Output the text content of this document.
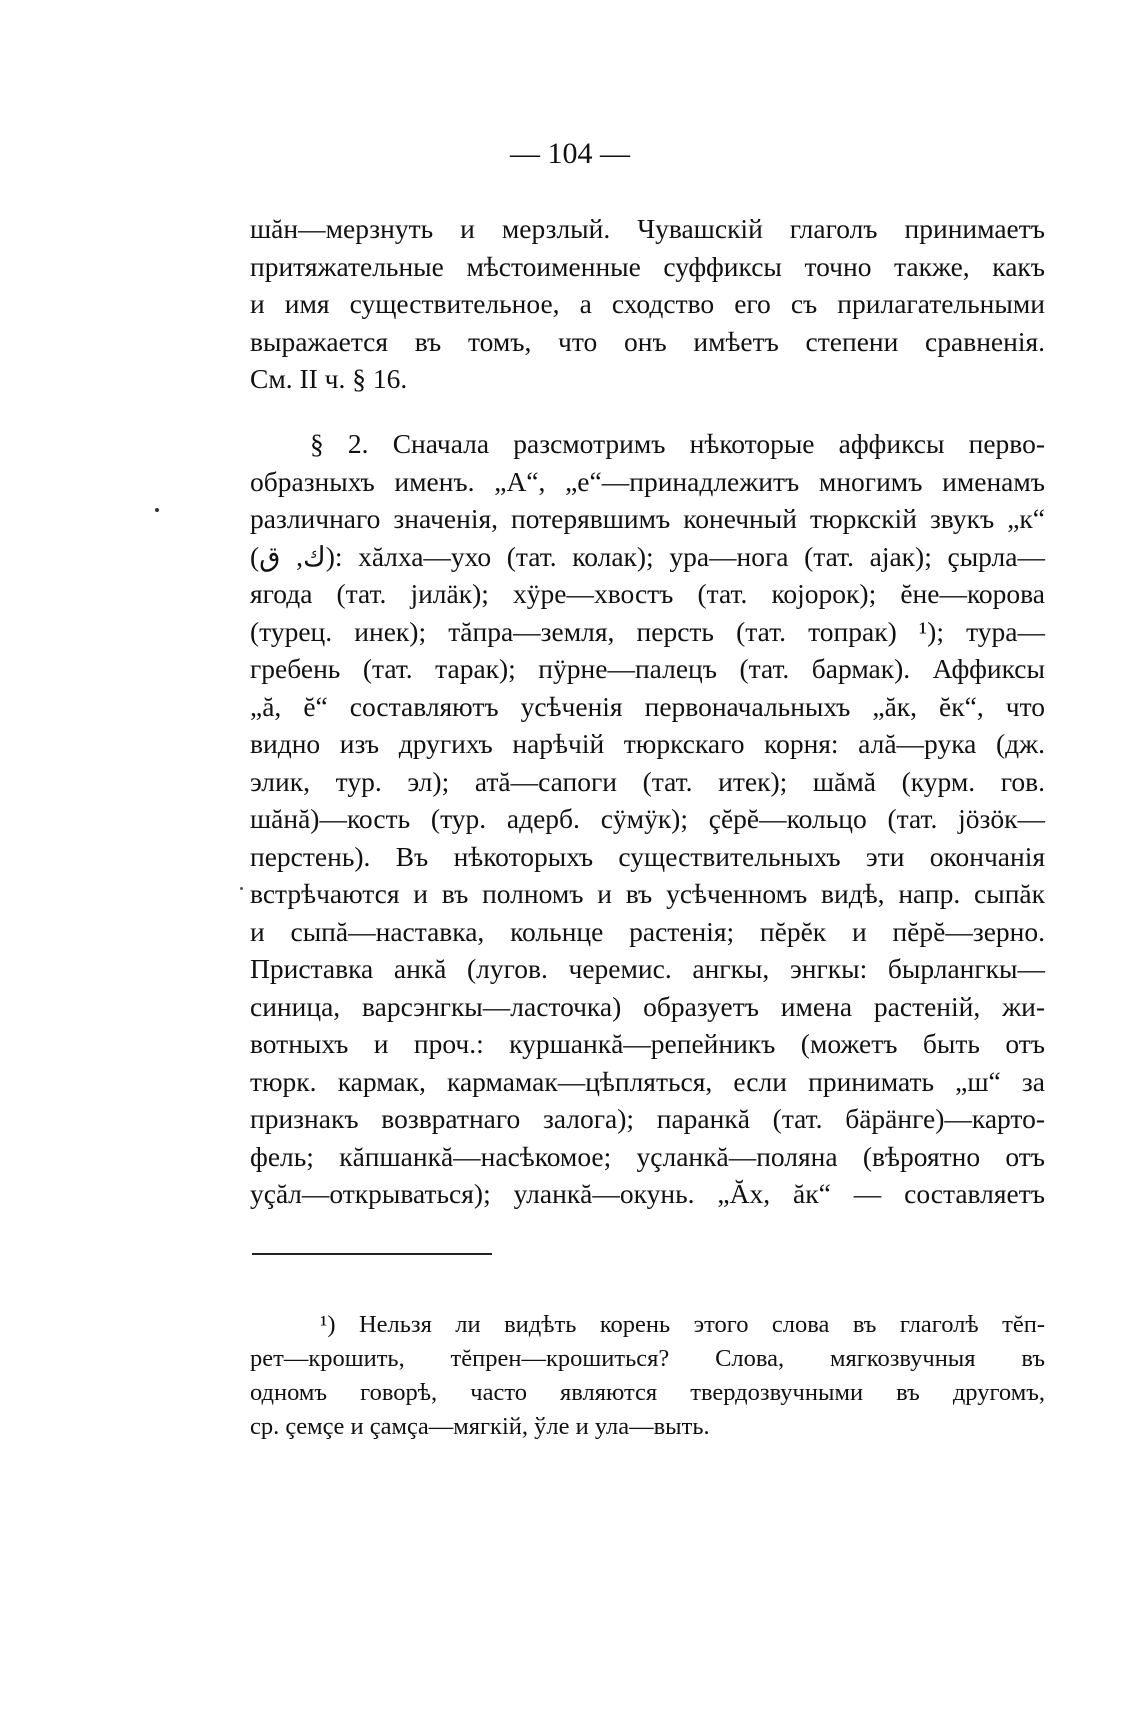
— 104 —
шăн—мерзнуть и мерзлый. Чувашскій глаголъ принимаетъ
притяжательные мѣстоименные суффиксы точно также, какъ
и имя существительное, а сходство его съ прилагательными
выражается въ томъ, что онъ имѣетъ степени сравненія.
См. II ч. § 16.
§ 2. Сначала разсмотримъ нѣкоторые аффиксы перво-
образныхъ именъ. „А“, „е“—принадлежитъ многимъ именамъ
различнаго значенія, потерявшимъ конечный тюркскій звукъ „к“
(ك, ق): хăлха—ухо (тат. колак); ура—нога (тат. ајак); çырла—
ягода (тат. јилäк); хÿре—хвостъ (тат. којорок); ĕне—корова
(турец. инек); тăпра—земля, персть (тат. топрак) ¹); тура—
гребень (тат. тарак); пÿрне—палецъ (тат. бармак). Аффиксы
„ă, ĕ“ составляютъ усѣченія первоначальныхъ „ăк, ĕк“, что
видно изъ другихъ нарѣчій тюркскаго корня: алă—рука (дж.
элик, тур. эл); атă—сапоги (тат. итек); шăмă (курм. гов.
шăнă)—кость (тур. адерб. сÿмÿк); çĕрĕ—кольцо (тат. јöзöк—
перстень). Въ нѣкоторыхъ существительныхъ эти окончанія
встрѣчаются и въ полномъ и въ усѣченномъ видѣ, напр. сыпăк
и сыпă—наставка, кольнце растенія; пĕрĕк и пĕрĕ—зерно.
Приставка анкă (лугов. черемис. ангкы, энгкы: бырлангкы—
синица, варсэнгкы—ласточка) образуетъ имена растеній, жи-
вотныхъ и проч.: куршанкă—репейникъ (можетъ быть отъ
тюрк. кармак, кармамак—цѣпляться, если принимать „ш“ за
признакъ возвратнаго залога); паранкă (тат. бäрäнге)—карто-
фель; кăпшанкă—насѣкомое; уçланкă—поляна (вѣроятно отъ
уçăл—открываться); уланкă—окунь. „Ăх, ăк“ — составляетъ
¹) Нельзя ли видѣть корень этого слова въ глаголѣ тĕп-
рет—крошить, тĕпрен—крошиться? Слова, мягкозвучныя въ
одномъ говорѣ, часто являются твердозвучными въ другомъ,
ср. çемçе и çамçа—мягкій, ўле и ула—выть.
